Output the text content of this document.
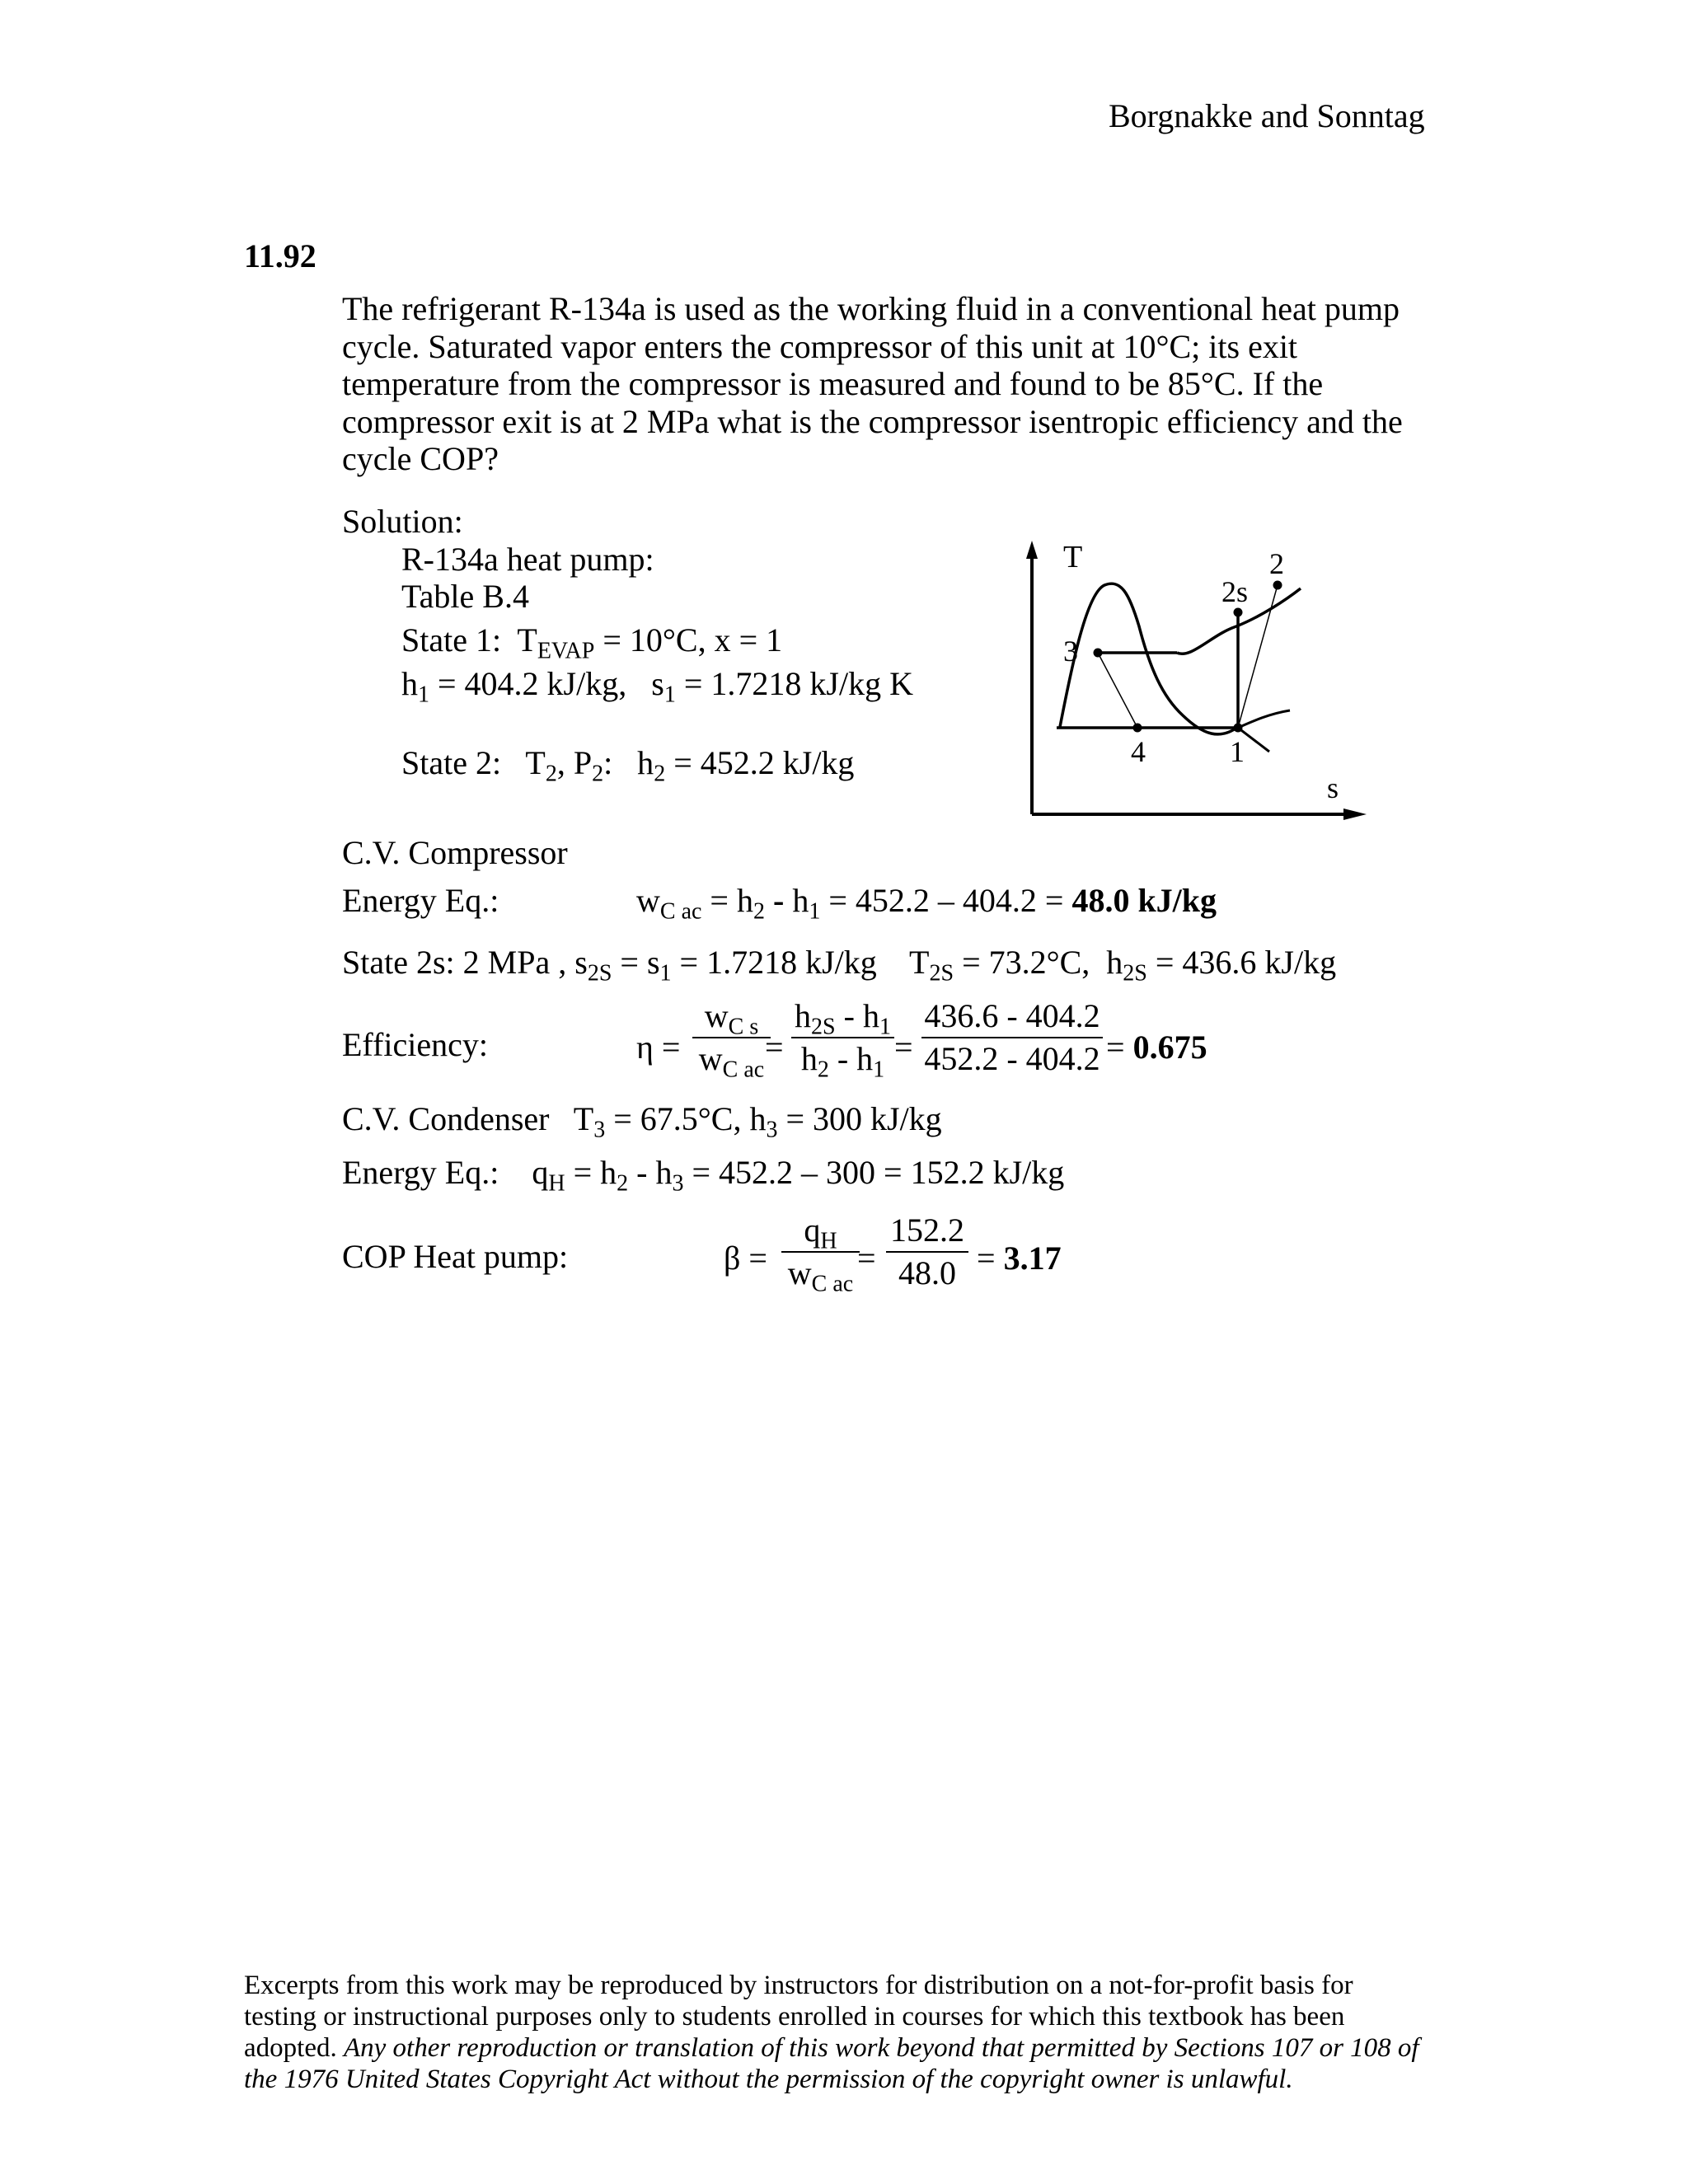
Borgnakke and Sonntag
11.92
The refrigerant R-134a is used as the working fluid in a conventional heat pump
cycle. Saturated vapor enters the compressor of this unit at 10°C; its exit
temperature from the compressor is measured and found to be 85°C. If the
compressor exit is at 2 MPa what is the compressor isentropic efficiency and the
cycle COP?
Solution:
R-134a heat pump:
Table B.4
State 1:  $T_{EVAP} = 10^\circ C$, x = 1
$h_1 = 404.2$ kJ/kg,   $s_1 = 1.7218$ kJ/kg K
State 2:   $T_2$, $P_2$:   $h_2 = 452.2$ kJ/kg
T
s
2s
2
3
4	1
C.V. Compressor
Energy Eq.:	$w_{C ac} = h_2 - h_1 = 452.2 - 404.2 = 48.0$ kJ/kg
State 2s: 2 MPa , $s_{2S} = s_1 = 1.7218$ kJ/kg    $T_{2S} = 73.2^\circ C$,  $h_{2S} = 436.6$ kJ/kg
Efficiency:	η =
$w_{C s}$
$w_{C ac}$
=
$h_{2S} - h_1$
$h_2 - h_1$
=
436.6 - 404.2
452.2 - 404.2 = 0.675
C.V. Condenser   $T_3 = 67.5^\circ C$, $h_3 = 300$ kJ/kg
Energy Eq.:    $q_H = h_2 - h_3 = 452.2 - 300 = 152.2$ kJ/kg
COP Heat pump:	β =
$q_H$
$w_{C ac}$
=
152.2
48.0 = 3.17
Excerpts from this work may be reproduced by instructors for distribution on a not-for-profit basis for testing or instructional purposes only to students enrolled in courses for which this textbook has been adopted. Any other reproduction or translation of this work beyond that permitted by Sections 107 or 108 of the 1976 United States Copyright Act without the permission of the copyright owner is unlawful.
